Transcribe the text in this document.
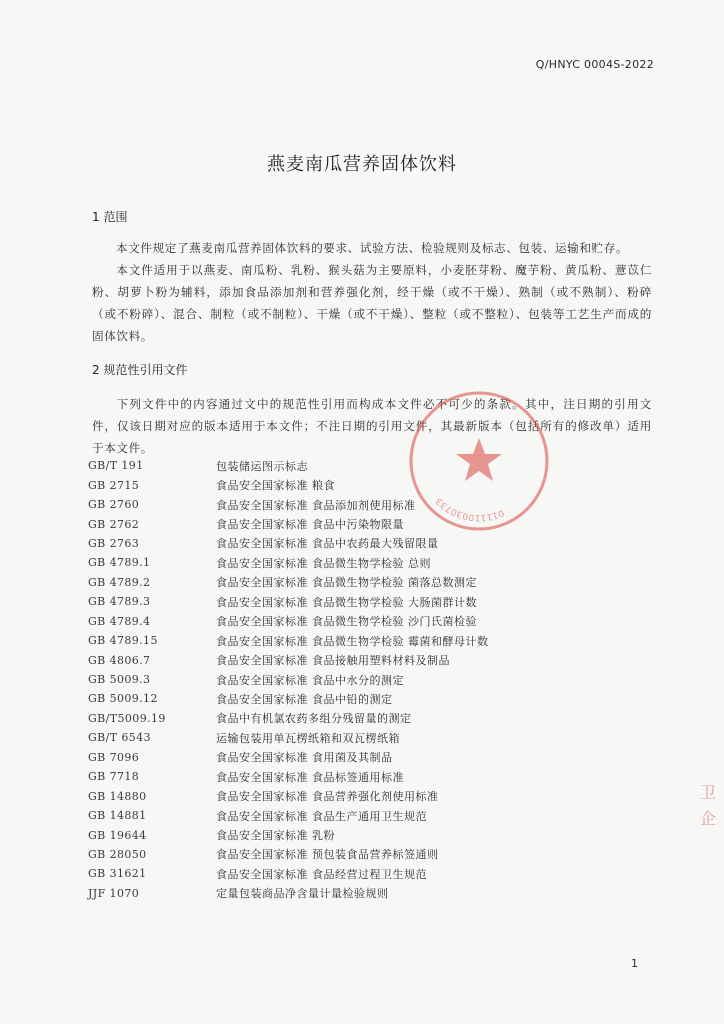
Q/HNYC 0004S-2022
燕麦南瓜营养固体饮料
1 范围

本文件规定了燕麦南瓜营养固体饮料的要求、试验方法、检验规则及标志、包装、运输和贮存。

本文件适用于以燕麦、南瓜粉、乳粉、猴头菇为主要原料，小麦胚芽粉、魔芋粉、黄瓜粉、薏苡仁粉、胡萝卜粉为辅料，添加食品添加剂和营养强化剂，经干燥（或不干燥）、熟制（或不熟制）、粉碎（或不粉碎）、混合、制粒（或不制粒）、干燥（或不干燥）、整粒（或不整粒）、包装等工艺生产而成的固体饮料。

2 规范性引用文件

下列文件中的内容通过文中的规范性引用而构成本文件必不可少的条款。其中，注日期的引用文件，仅该日期对应的版本适用于本文件；不注日期的引用文件，其最新版本（包括所有的修改单）适用于本文件。

GB/T 191	包装储运图示标志
GB 2715	食品安全国家标准 粮食
GB 2760	食品安全国家标准 食品添加剂使用标准
GB 2762	食品安全国家标准 食品中污染物限量
GB 2763	食品安全国家标准 食品中农药最大残留限量
GB 4789.1	食品安全国家标准 食品微生物学检验 总则
GB 4789.2	食品安全国家标准 食品微生物学检验 菌落总数测定
GB 4789.3	食品安全国家标准 食品微生物学检验 大肠菌群计数
GB 4789.4	食品安全国家标准 食品微生物学检验 沙门氏菌检验
GB 4789.15	食品安全国家标准 食品微生物学检验 霉菌和酵母计数
GB 4806.7	食品安全国家标准 食品接触用塑料材料及制品
GB 5009.3	食品安全国家标准 食品中水分的测定
GB 5009.12	食品安全国家标准 食品中铅的测定
GB/T5009.19	食品中有机氯农药多组分残留量的测定
GB/T 6543	运输包装用单瓦楞纸箱和双瓦楞纸箱
GB 7096	食品安全国家标准 食用菌及其制品
GB 7718	食品安全国家标准 食品标签通用标准
GB 14880	食品安全国家标准 食品营养强化剂使用标准
GB 14881	食品安全国家标准 食品生产通用卫生规范
GB 19644	食品安全国家标准 乳粉
GB 28050	食品安全国家标准 预包装食品营养标签通则
GB 31621	食品安全国家标准 食品经营过程卫生规范
JJF 1070	定量包装商品净含量计量检验规则
011110030733
卫
企
1
